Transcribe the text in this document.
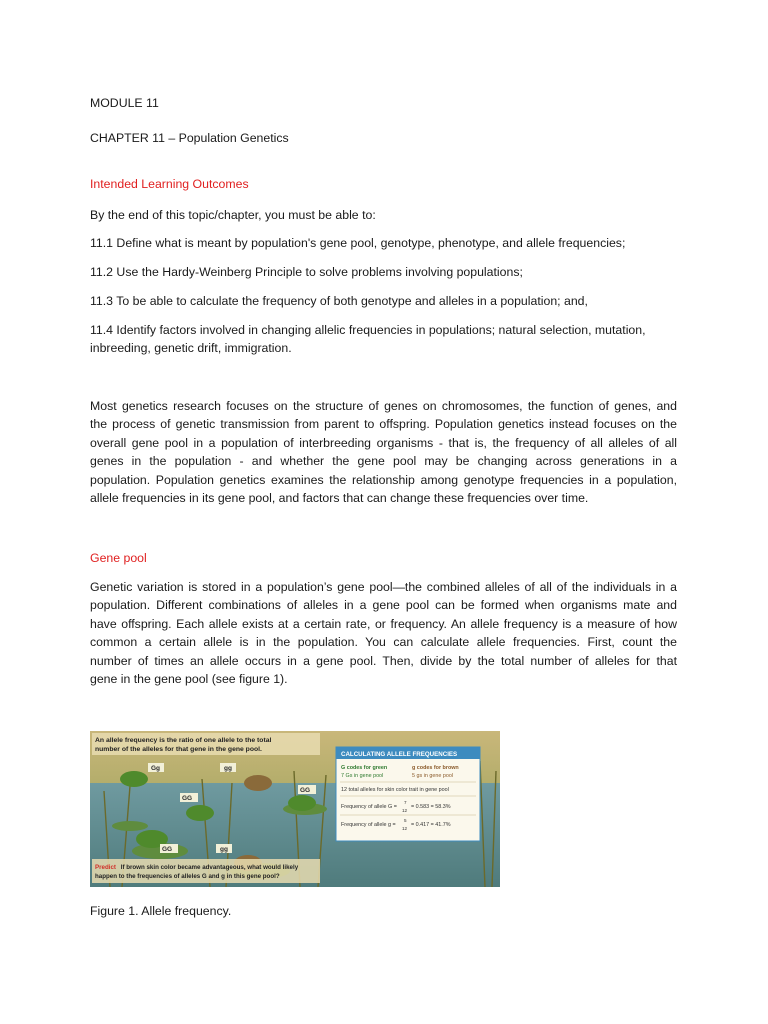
MODULE 11

CHAPTER 11 – Population Genetics

Intended Learning Outcomes

By the end of this topic/chapter, you must be able to:

11.1 Define what is meant by population's gene pool, genotype, phenotype, and allele frequencies;

11.2 Use the Hardy-Weinberg Principle to solve problems involving populations;

11.3 To be able to calculate the frequency of both genotype and alleles in a population; and,

11.4 Identify factors involved in changing allelic frequencies in populations; natural selection, mutation, inbreeding, genetic drift, immigration.

Most genetics research focuses on the structure of genes on chromosomes, the function of genes, and
the process of genetic transmission from parent to offspring. Population genetics instead focuses on the
overall gene pool in a population of interbreeding organisms - that is, the frequency of all alleles of all
genes in the population - and whether the gene pool may be changing across generations in a
population. Population genetics examines the relationship among genotype frequencies in a population,
allele frequencies in its gene pool, and factors that can change these frequencies over time.

Gene pool

Genetic variation is stored in a population’s gene pool—the combined alleles of all of the individuals in a
population. Different combinations of alleles in a gene pool can be formed when organisms mate and
have offspring. Each allele exists at a certain rate, or frequency. An allele frequency is a measure of how
common a certain allele is in the population. You can calculate allele frequencies. First, count the
number of times an allele occurs in a gene pool. Then, divide by the total number of alleles for that
gene in the gene pool (see figure 1).
Gg	gg
GG
GG
GG	gg
An allele frequency is the ratio of one allele to the total
number of the alleles for that gene in the gene pool.
CALCULATING ALLELE FREQUENCIES
G codes for green	g codes for brown
7 Gs in gene pool	5 gs in gene pool
12 total alleles for skin color trait in gene pool
Frequency of allele G =
7
12
= 0.583 = 58.3%
Frequency of allele g =
5
12
= 0.417 = 41.7%
Predict If brown skin color became advantageous, what would likely
happen to the frequencies of alleles G and g in this gene pool?

Figure 1. Allele frequency.
